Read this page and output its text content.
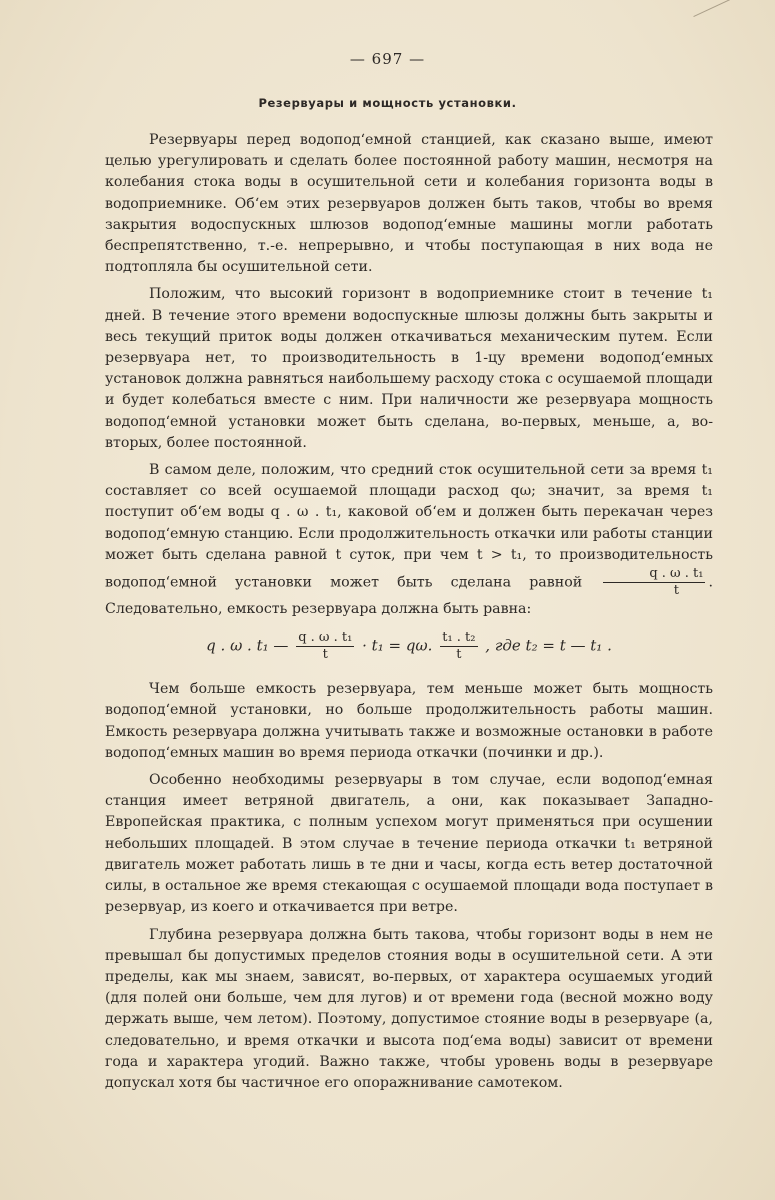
— 697 —
Резервуары и мощность установки.

Резервуары перед водопод‘емной станцией, как сказано выше, имеют целью урегулировать и сделать более постоянной работу машин, несмотря на колебания стока воды в осушительной сети и колебания горизонта воды в водоприемнике. Об‘ем этих резервуаров должен быть таков, чтобы во время закрытия водоспускных шлюзов водопод‘емные машины могли работать беспрепятственно, т.-е. непрерывно, и чтобы поступающая в них вода не подтопляла бы осушительной сети.

Положим, что высокий горизонт в водоприемнике стоит в течение t₁ дней. В течение этого времени водоспускные шлюзы должны быть закрыты и весь текущий приток воды должен откачиваться механическим путем. Если резервуара нет, то производительность в 1-цу времени водопод‘емных установок должна равняться наибольшему расходу стока с осушаемой площади и будет колебаться вместе с ним. При наличности же резервуара мощность водопод‘емной установки может быть сделана, во-первых, меньше, а, во-вторых, более постоянной.

В самом деле, положим, что средний сток осушительной сети за время t₁ составляет со всей осушаемой площади расход qω; значит, за время t₁ поступит об‘ем воды q . ω . t₁, каковой об‘ем и должен быть перекачан через водопод‘емную станцию. Если продолжительность откачки или работы станции может быть сделана равной t суток, при чем t > t₁, то производительность водопод‘емной установки может быть сделана равной $\frac{\text{q . ω . t₁}}{t}$ . Следовательно, емкость резервуара должна быть равна:

q . ω . t₁ — $\frac{\text{q . ω . t₁}}{t} \cdot t_1 = q\omega$. $\frac{\text{t₁ . t₂}}{t}$ , где t₂ = t — t₁ .

Чем больше емкость резервуара, тем меньше может быть мощность водопод‘емной установки, но больше продолжительность работы машин. Емкость резервуара должна учитывать также и возможные остановки в работе водопод‘емных машин во время периода откачки (починки и др.).

Особенно необходимы резервуары в том случае, если водопод‘емная станция имеет ветряной двигатель, а они, как показывает Западно-Европейская практика, с полным успехом могут применяться при осушении небольших площадей. В этом случае в течение периода откачки t₁ ветряной двигатель может работать лишь в те дни и часы, когда есть ветер достаточной силы, в остальное же время стекающая с осушаемой площади вода поступает в резервуар, из коего и откачивается при ветре.

Глубина резервуара должна быть такова, чтобы горизонт воды в нем не превышал бы допустимых пределов стояния воды в осушительной сети. А эти пределы, как мы знаем, зависят, во-первых, от характера осушаемых угодий (для полей они больше, чем для лугов) и от времени года (весной можно воду держать выше, чем летом). Поэтому, допустимое стояние воды в резервуаре (а, следовательно, и время откачки и высота под‘ема воды) зависит от времени года и характера угодий. Важно также, чтобы уровень воды в резервуаре допускал хотя бы частичное его опоражнивание самотеком.
